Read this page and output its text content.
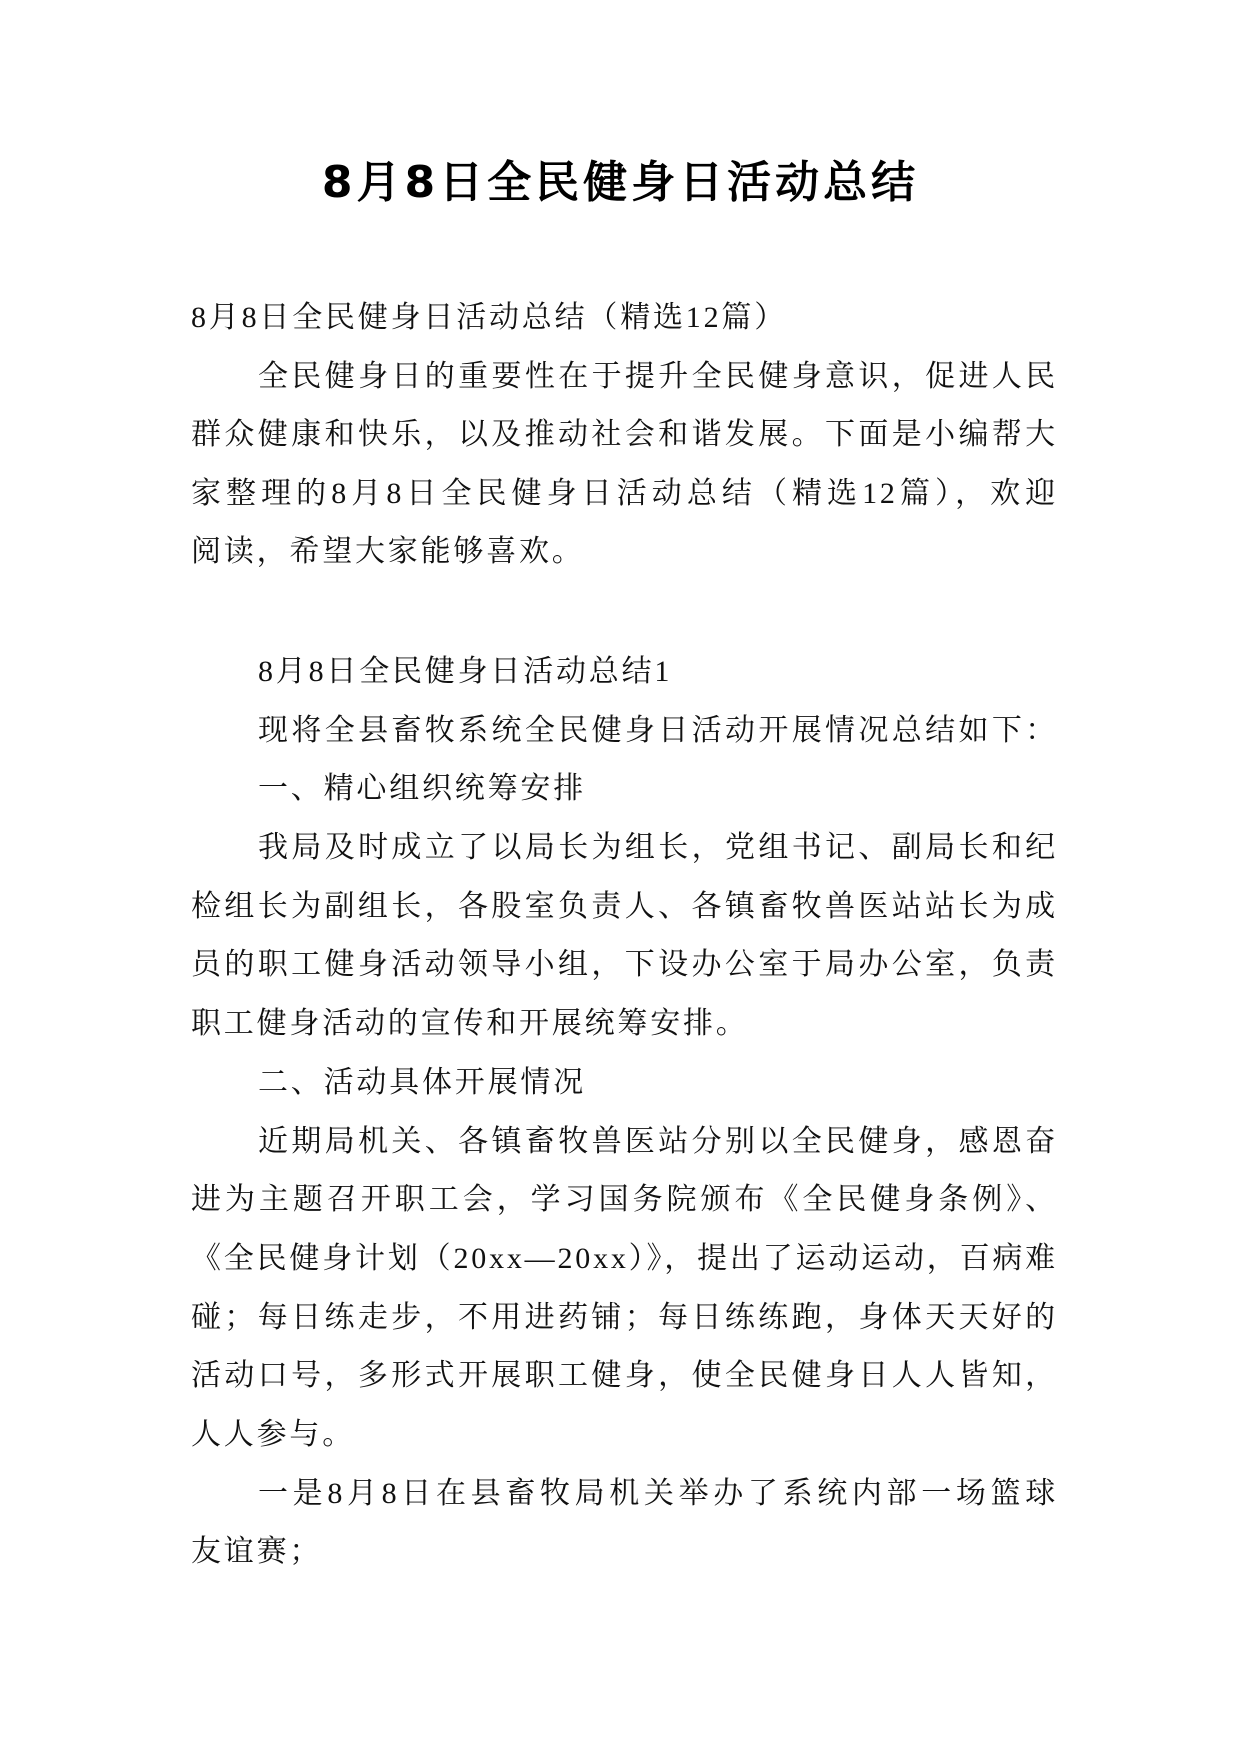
8月8日全民健身日活动总结
8月8日全民健身日活动总结（精选12篇）
全民健身日的重要性在于提升全民健身意识，促进人民
群众健康和快乐，以及推动社会和谐发展。下面是小编帮大
家整理的8月8日全民健身日活动总结（精选12篇），欢迎
阅读，希望大家能够喜欢。
8月8日全民健身日活动总结1
现将全县畜牧系统全民健身日活动开展情况总结如下：
一、精心组织统筹安排
我局及时成立了以局长为组长，党组书记、副局长和纪
检组长为副组长，各股室负责人、各镇畜牧兽医站站长为成
员的职工健身活动领导小组，下设办公室于局办公室，负责
职工健身活动的宣传和开展统筹安排。
二、活动具体开展情况
近期局机关、各镇畜牧兽医站分别以全民健身，感恩奋
进为主题召开职工会，学习国务院颁布《全民健身条例》、
《全民健身计划（20xx—20xx）》，提出了运动运动，百病难
碰；每日练走步，不用进药铺；每日练练跑，身体天天好的
活动口号，多形式开展职工健身，使全民健身日人人皆知，
人人参与。
一是8月8日在县畜牧局机关举办了系统内部一场篮球
友谊赛；
